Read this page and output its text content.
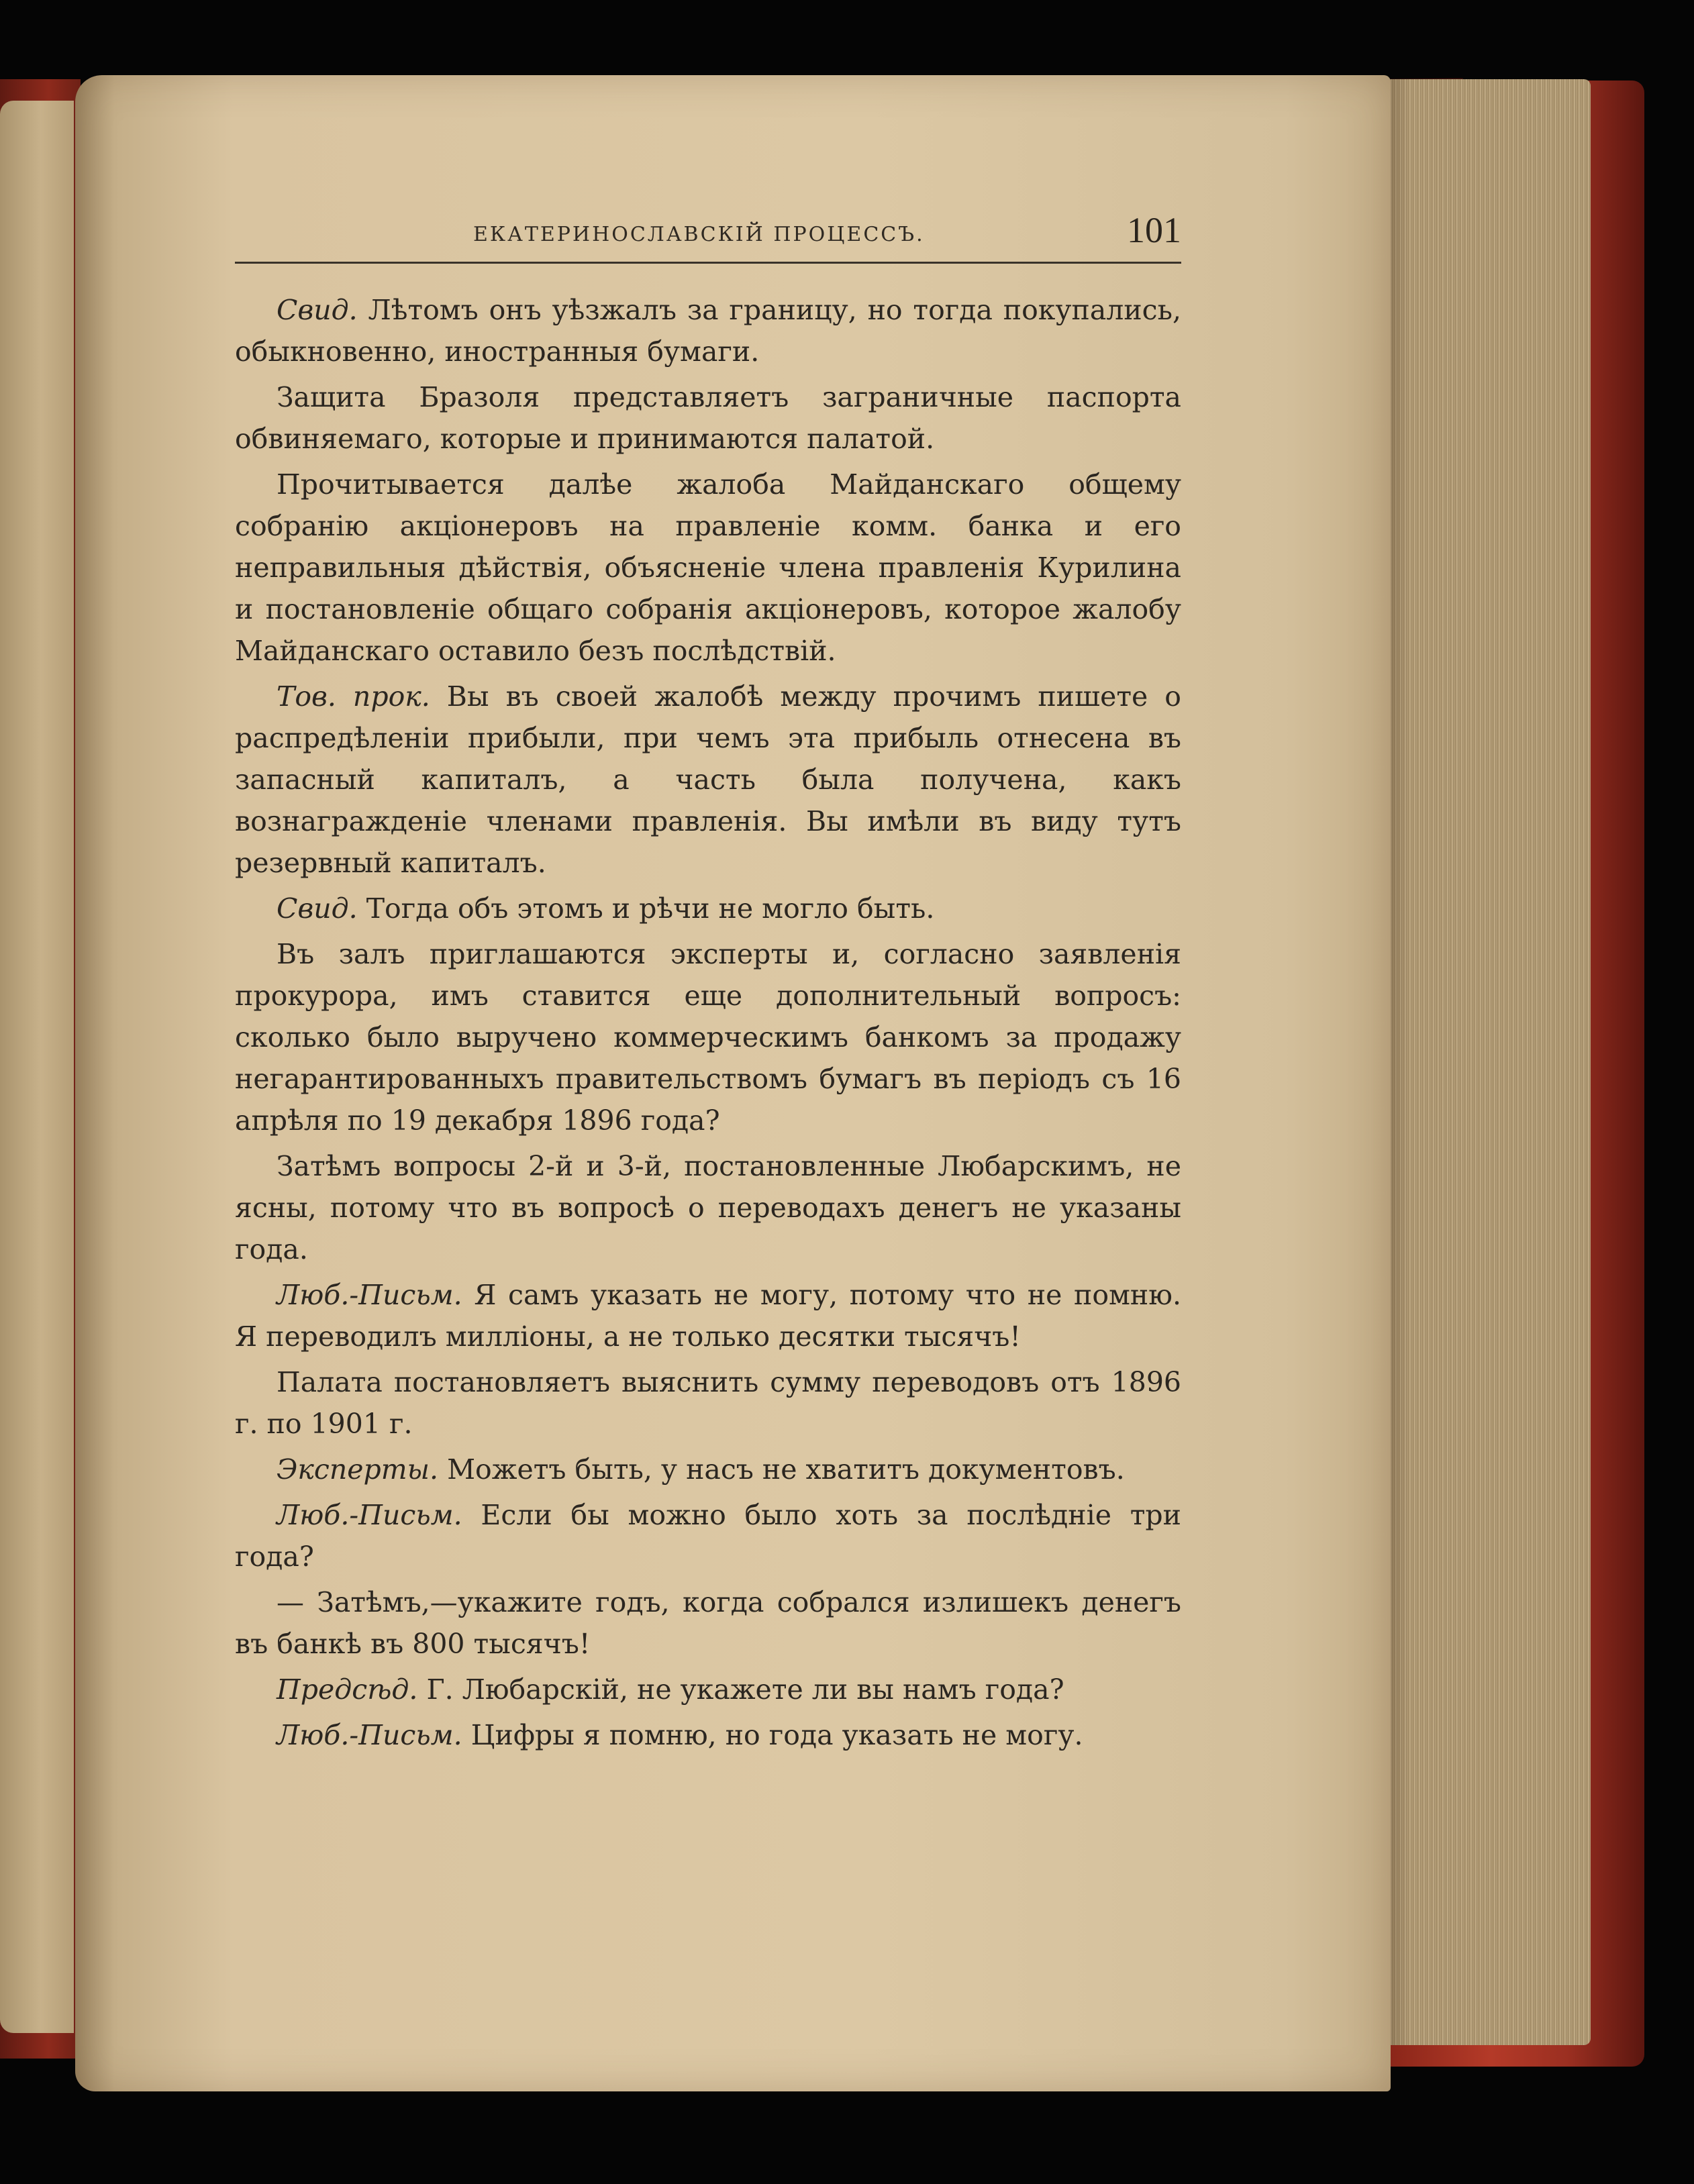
ЕКАТЕРИНОСЛАВСКІЙ ПРОЦЕССЪ.	101

Свид. Лѣтомъ онъ уѣзжалъ за границу, но тогда покупались, обыкновенно, иностранныя бумаги.

Защита Бразоля представляетъ заграничные паспорта обвиняемаго, которые и принимаются палатой.

Прочитывается далѣе жалоба Майданскаго общему собранію акціонеровъ на правленіе комм. банка и его неправильныя дѣйствія, объясненіе члена правленія Курилина и постановленіе общаго собранія акціонеровъ, которое жалобу Майданскаго оставило безъ послѣдствій.

Тов. прок. Вы въ своей жалобѣ между прочимъ пишете о распредѣленіи прибыли, при чемъ эта прибыль отнесена въ запасный капиталъ, а часть была получена, какъ вознагражденіе членами правленія. Вы имѣли въ виду тутъ резервный капиталъ.

Свид. Тогда объ этомъ и рѣчи не могло быть.

Въ залъ приглашаются эксперты и, согласно заявленія прокурора, имъ ставится еще дополнительный вопросъ: сколько было выручено коммерческимъ банкомъ за продажу негарантированныхъ правительствомъ бумагъ въ періодъ съ 16 апрѣля по 19 декабря 1896 года?

Затѣмъ вопросы 2-й и 3-й, постановленные Любарскимъ, не ясны, потому что въ вопросѣ о переводахъ денегъ не указаны года.

Люб.-Письм. Я самъ указать не могу, потому что не помню. Я переводилъ милліоны, а не только десятки тысячъ!

Палата постановляетъ выяснить сумму переводовъ отъ 1896 г. по 1901 г.

Эксперты. Можетъ быть, у насъ не хватитъ документовъ.

Люб.-Письм. Если бы можно было хоть за послѣдніе три года?

— Затѣмъ,—укажите годъ, когда собрался излишекъ денегъ въ банкѣ въ 800 тысячъ!

Предсѣд. Г. Любарскій, не укажете ли вы намъ года?

Люб.-Письм. Цифры я помню, но года указать не могу.
